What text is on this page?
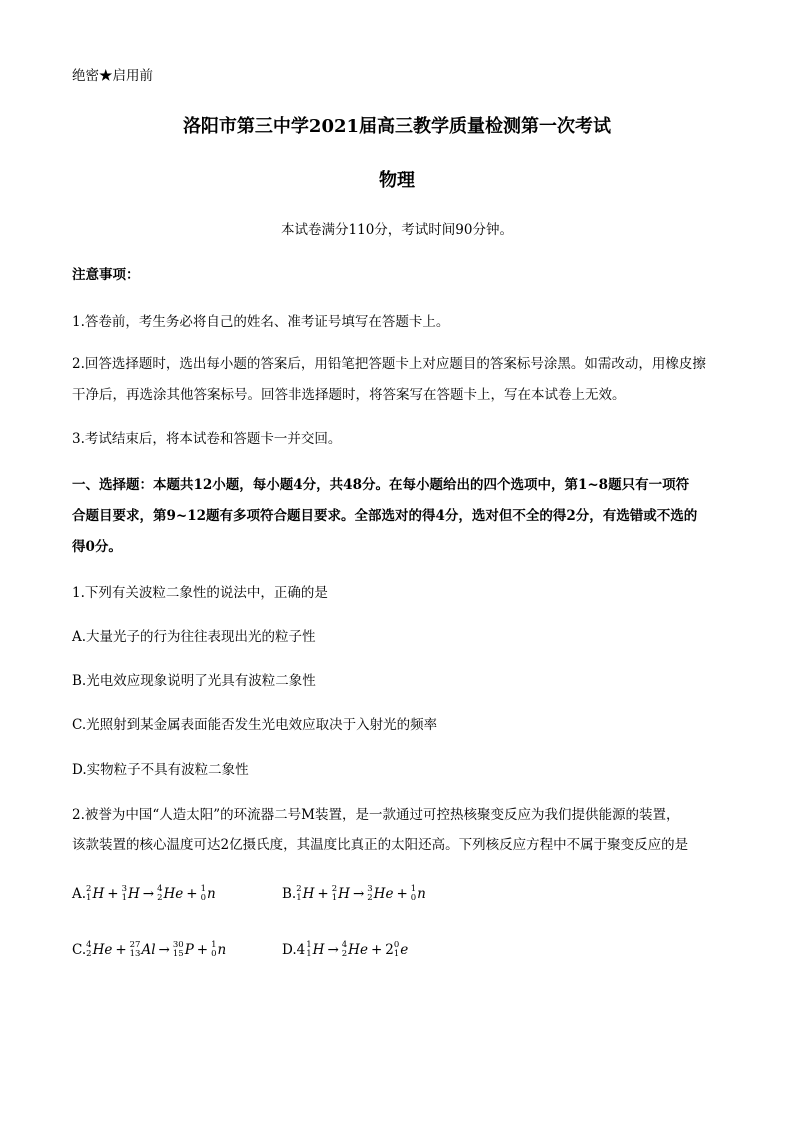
绝密★启用前
洛阳市第三中学2021届高三教学质量检测第一次考试
物理
本试卷满分110分，考试时间90分钟。
注意事项：
1.答卷前，考生务必将自己的姓名、准考证号填写在答题卡上。
2.回答选择题时，选出每小题的答案后，用铅笔把答题卡上对应题目的答案标号涂黑。如需改动，用橡皮擦
干净后，再选涂其他答案标号。回答非选择题时，将答案写在答题卡上，写在本试卷上无效。
3.考试结束后，将本试卷和答题卡一并交回。
一、选择题：本题共12小题，每小题4分，共48分。在每小题给出的四个选项中，第1~8题只有一项符
合题目要求，第9~12题有多项符合题目要求。全部选对的得4分，选对但不全的得2分，有选错或不选的
得0分。
1.下列有关波粒二象性的说法中，正确的是
A.大量光子的行为往往表现出光的粒子性
B.光电效应现象说明了光具有波粒二象性
C.光照射到某金属表面能否发生光电效应取决于入射光的频率
D.实物粒子不具有波粒二象性
2.被誉为中国“人造太阳”的环流器二号M装置，是一款通过可控热核聚变反应为我们提供能源的装置，
该款装置的核心温度可达2亿摄氏度，其温度比真正的太阳还高。下列核反应方程中不属于聚变反应的是
A. 2
1 H + 3
1 H → 4
2 He + 1
0 n	B. 2
1 H + 2
1 H → 3
2 He + 1
0 n
C. 4
2 He + 27
13 Al → 30
15 P + 1
0 n	D.4 1
1 H → 4
2 He + 2 0
1 e
